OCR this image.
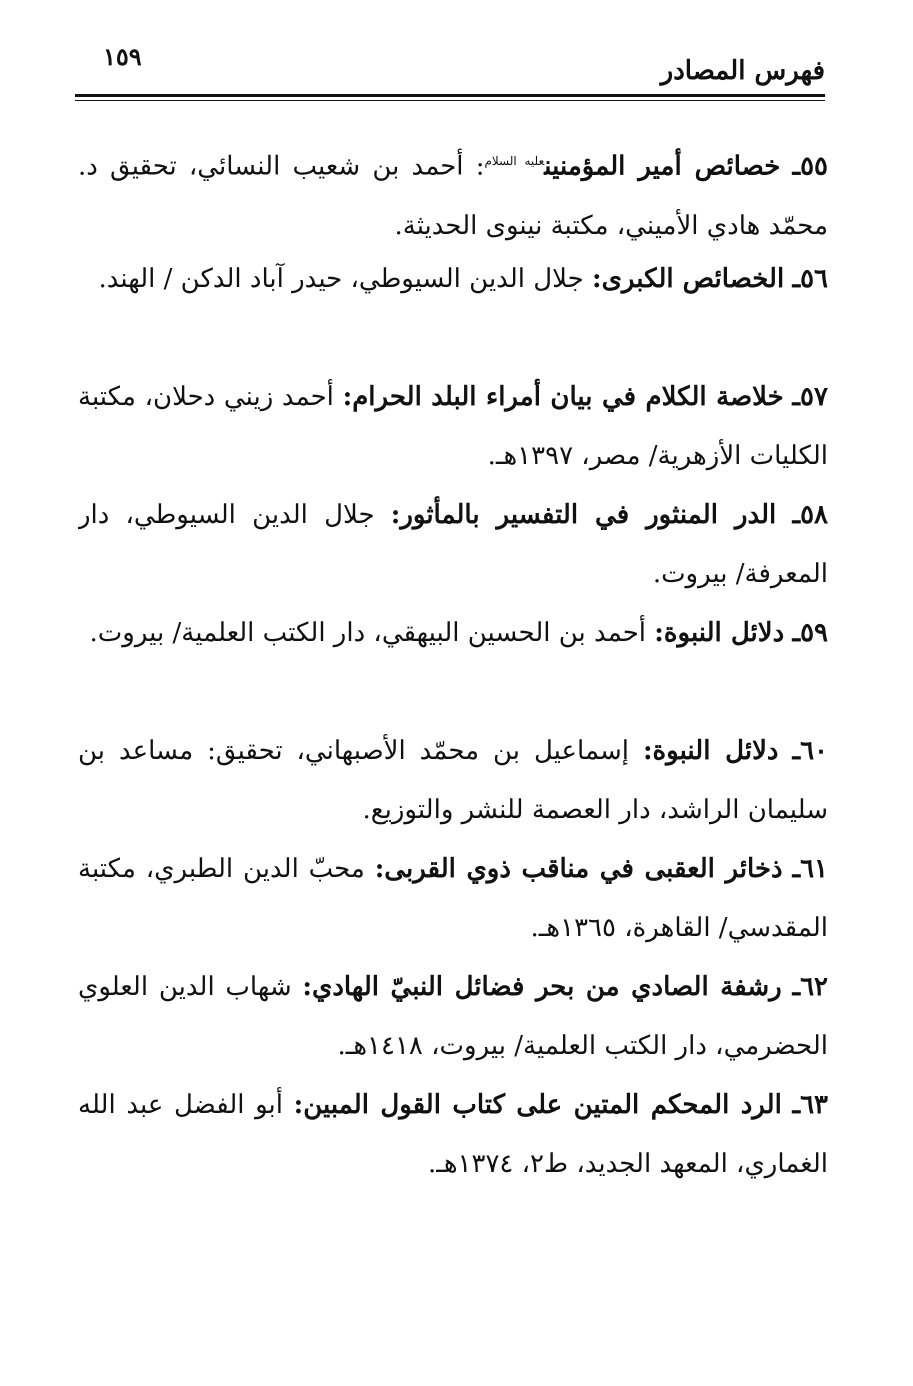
فهرس المصادر
١٥٩
٥٥ـ خصائص أمير المؤمنين$^{عليه السلام}$: أحمد بن شعيب النسائي، تحقيق د. محمّد هادي الأميني، مكتبة نينوى الحديثة.
٥٦ـ الخصائص الكبرى: جلال الدين السيوطي، حيدر آباد الدكن / الهند.
٥٧ـ خلاصة الكلام في بيان أمراء البلد الحرام: أحمد زيني دحلان، مكتبة الكليات الأزهرية/ مصر، ١٣٩٧هـ.
٥٨ـ الدر المنثور في التفسير بالمأثور: جلال الدين السيوطي، دار المعرفة/ بيروت.
٥٩ـ دلائل النبوة: أحمد بن الحسين البيهقي، دار الكتب العلمية/ بيروت.
٦٠ـ دلائل النبوة: إسماعيل بن محمّد الأصبهاني، تحقيق: مساعد بن سليمان الراشد، دار العصمة للنشر والتوزيع.
٦١ـ ذخائر العقبى في مناقب ذوي القربى: محبّ الدين الطبري، مكتبة المقدسي/ القاهرة، ١٣٦٥هـ.
٦٢ـ رشفة الصادي من بحر فضائل النبيّ الهادي: شهاب الدين العلوي الحضرمي، دار الكتب العلمية/ بيروت، ١٤١٨هـ.
٦٣ـ الرد المحكم المتين على كتاب القول المبين: أبو الفضل عبد الله الغماري، المعهد الجديد، ط٢، ١٣٧٤هـ.
